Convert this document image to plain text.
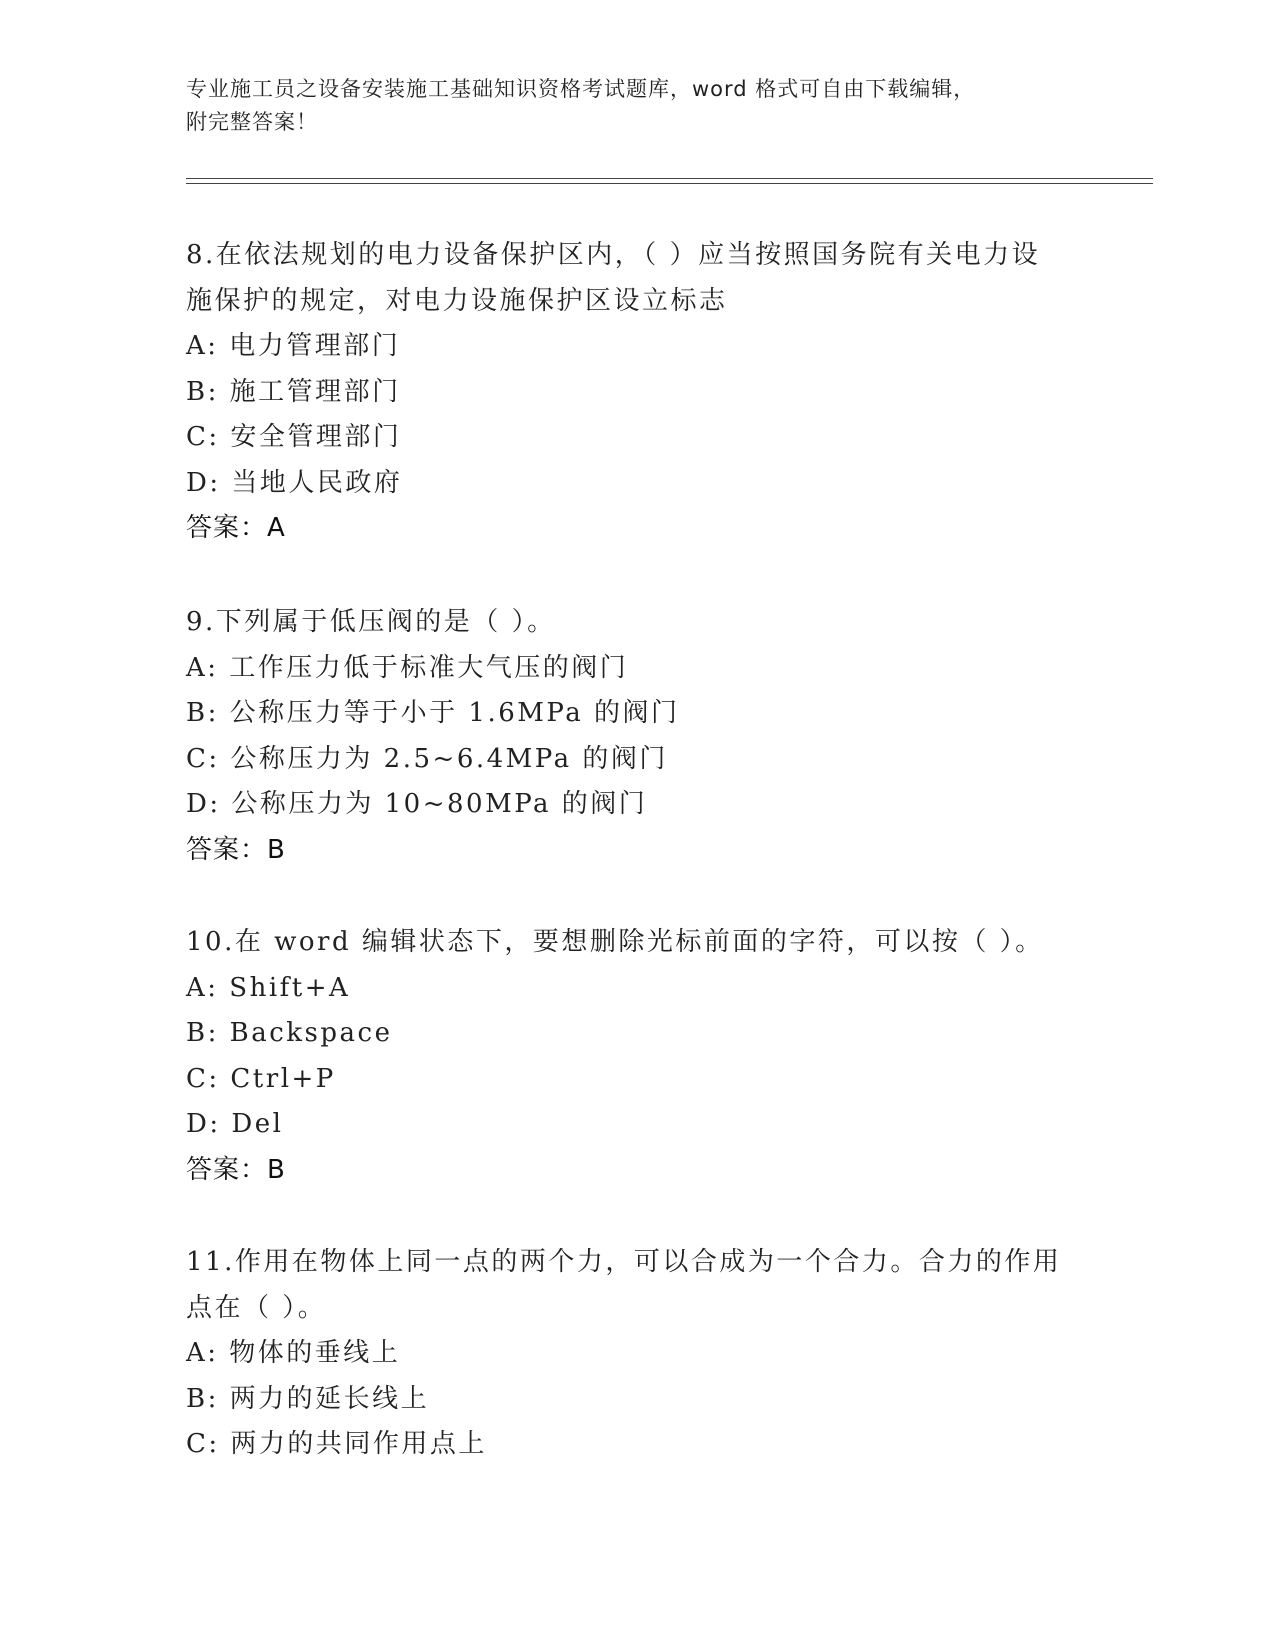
专业施工员之设备安装施工基础知识资格考试题库，word 格式可自由下载编辑，
附完整答案！

8.在依法规划的电力设备保护区内，（ ）应当按照国务院有关电力设

施保护的规定，对电力设施保护区设立标志

A: 电力管理部门

B: 施工管理部门

C: 安全管理部门

D: 当地人民政府

答案：A

9.下列属于低压阀的是（ ）。

A: 工作压力低于标准大气压的阀门

B: 公称压力等于小于 1.6MPa 的阀门

C: 公称压力为 2.5~6.4MPa 的阀门

D: 公称压力为 10~80MPa 的阀门

答案：B

10.在 word 编辑状态下，要想删除光标前面的字符，可以按（ ）。

A: Shift+A

B: Backspace

C: Ctrl+P

D: Del

答案：B

11.作用在物体上同一点的两个力，可以合成为一个合力。合力的作用

点在（ ）。

A: 物体的垂线上

B: 两力的延长线上

C: 两力的共同作用点上
